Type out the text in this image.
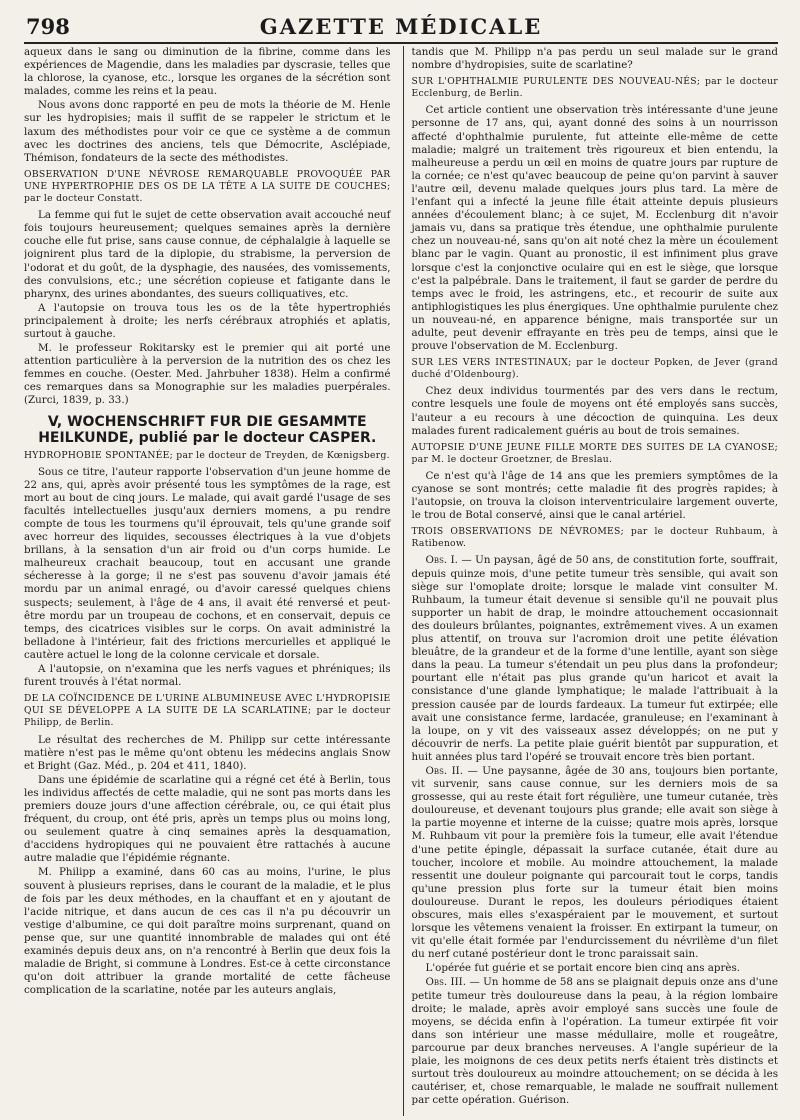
798	GAZETTE MÉDICALE

aqueux dans le sang ou diminution de la fibrine, comme dans les expériences de Magendie, dans les maladies par dyscrasie, telles que la chlorose, la cyanose, etc., lorsque les organes de la sécrétion sont malades, comme les reins et la peau.

Nous avons donc rapporté en peu de mots la théorie de M. Henle sur les hydropisies; mais il suffit de se rappeler le strictum et le laxum des méthodistes pour voir ce que ce système a de commun avec les doctrines des anciens, tels que Démocrite, Asclépiade, Thémison, fondateurs de la secte des méthodistes.

OBSERVATION D'UNE NÉVROSE REMARQUABLE PROVOQUÉE PAR UNE HYPERTROPHIE DES OS DE LA TÊTE A LA SUITE DE COUCHES; par le docteur Constatt.

La femme qui fut le sujet de cette observation avait accouché neuf fois toujours heureusement; quelques semaines après la dernière couche elle fut prise, sans cause connue, de céphalalgie à laquelle se joignirent plus tard de la diplopie, du strabisme, la perversion de l'odorat et du goût, de la dysphagie, des nausées, des vomissements, des convulsions, etc.; une sécrétion copieuse et fatigante dans le pharynx, des urines abondantes, des sueurs colliquatives, etc.

A l'autopsie on trouva tous les os de la tête hypertrophiés principalement à droite; les nerfs cérébraux atrophiés et aplatis, surtout à gauche.

M. le professeur Rokitarsky est le premier qui ait porté une attention particulière à la perversion de la nutrition des os chez les femmes en couche. (Oester. Med. Jahrbuher 1838). Helm a confirmé ces remarques dans sa Monographie sur les maladies puerpérales. (Zurci, 1839, p. 33.)

V, WOCHENSCHRIFT FUR DIE GESAMMTE HEILKUNDE, publié par le docteur CASPER.
HYDROPHOBIE SPONTANÉE; par le docteur de Treyden, de Kœnigsberg.

Sous ce titre, l'auteur rapporte l'observation d'un jeune homme de 22 ans, qui, après avoir présenté tous les symptômes de la rage, est mort au bout de cinq jours. Le malade, qui avait gardé l'usage de ses facultés intellectuelles jusqu'aux derniers momens, a pu rendre compte de tous les tourmens qu'il éprouvait, tels qu'une grande soif avec horreur des liquides, secousses électriques à la vue d'objets brillans, à la sensation d'un air froid ou d'un corps humide. Le malheureux crachait beaucoup, tout en accusant une grande sécheresse à la gorge; il ne s'est pas souvenu d'avoir jamais été mordu par un animal enragé, ou d'avoir caressé quelques chiens suspects; seulement, à l'âge de 4 ans, il avait été renversé et peut-être mordu par un troupeau de cochons, et en conservait, depuis ce temps, des cicatrices visibles sur le corps. On avait administré la belladone à l'intérieur, fait des frictions mercurielles et appliqué le cautère actuel le long de la colonne cervicale et dorsale.

A l'autopsie, on n'examina que les nerfs vagues et phréniques; ils furent trouvés à l'état normal.

DE LA COÏNCIDENCE DE L'URINE ALBUMINEUSE AVEC L'HYDROPISIE QUI SE DÉVELOPPE A LA SUITE DE LA SCARLATINE; par le docteur Philipp, de Berlin.

Le résultat des recherches de M. Philipp sur cette intéressante matière n'est pas le même qu'ont obtenu les médecins anglais Snow et Bright (Gaz. Méd., p. 204 et 411, 1840).

Dans une épidémie de scarlatine qui a régné cet été à Berlin, tous les individus affectés de cette maladie, qui ne sont pas morts dans les premiers douze jours d'une affection cérébrale, ou, ce qui était plus fréquent, du croup, ont été pris, après un temps plus ou moins long, ou seulement quatre à cinq semaines après la desquamation, d'accidens hydropiques qui ne pouvaient être rattachés à aucune autre maladie que l'épidémie régnante.

M. Philipp a examiné, dans 60 cas au moins, l'urine, le plus souvent à plusieurs reprises, dans le courant de la maladie, et le plus de fois par les deux méthodes, en la chauffant et en y ajoutant de l'acide nitrique, et dans aucun de ces cas il n'a pu découvrir un vestige d'albumine, ce qui doit paraître moins surprenant, quand on pense que, sur une quantité innombrable de malades qui ont été examinés depuis deux ans, on n'a rencontré à Berlin que deux fois la maladie de Bright, si commune à Londres. Est-ce à cette circonstance qu'on doit attribuer la grande mortalité de cette fâcheuse complication de la scarlatine, notée par les auteurs anglais,

tandis que M. Philipp n'a pas perdu un seul malade sur le grand nombre d'hydropisies, suite de scarlatine?

SUR L'OPHTHALMIE PURULENTE DES NOUVEAU-NÉS; par le docteur Ecclenburg, de Berlin.

Cet article contient une observation très intéressante d'une jeune personne de 17 ans, qui, ayant donné des soins à un nourrisson affecté d'ophthalmie purulente, fut atteinte elle-même de cette maladie; malgré un traitement très rigoureux et bien entendu, la malheureuse a perdu un œil en moins de quatre jours par rupture de la cornée; ce n'est qu'avec beaucoup de peine qu'on parvint à sauver l'autre œil, devenu malade quelques jours plus tard. La mère de l'enfant qui a infecté la jeune fille était atteinte depuis plusieurs années d'écoulement blanc; à ce sujet, M. Ecclenburg dit n'avoir jamais vu, dans sa pratique très étendue, une ophthalmie purulente chez un nouveau-né, sans qu'on ait noté chez la mère un écoulement blanc par le vagin. Quant au pronostic, il est infiniment plus grave lorsque c'est la conjonctive oculaire qui en est le siège, que lorsque c'est la palpébrale. Dans le traitement, il faut se garder de perdre du temps avec le froid, les astringens, etc., et recourir de suite aux antiphlogistiques les plus énergiques. Une ophthalmie purulente chez un nouveau-né, en apparence bénigne, mais transportée sur un adulte, peut devenir effrayante en très peu de temps, ainsi que le prouve l'observation de M. Ecclenburg.

SUR LES VERS INTESTINAUX; par le docteur Popken, de Jever (grand duché d'Oldenbourg).

Chez deux individus tourmentés par des vers dans le rectum, contre lesquels une foule de moyens ont été employés sans succès, l'auteur a eu recours à une décoction de quinquina. Les deux malades furent radicalement guéris au bout de trois semaines.

AUTOPSIE D'UNE JEUNE FILLE MORTE DES SUITES DE LA CYANOSE; par M. le docteur Groetzner, de Breslau.

Ce n'est qu'à l'âge de 14 ans que les premiers symptômes de la cyanose se sont montrés; cette maladie fit des progrès rapides; à l'autopsie, on trouva la cloison interventriculaire largement ouverte, le trou de Botal conservé, ainsi que le canal artériel.

TROIS OBSERVATIONS DE NÉVROMES; par le docteur Ruhbaum, à Ratibenow.

Obs. I. — Un paysan, âgé de 50 ans, de constitution forte, souffrait, depuis quinze mois, d'une petite tumeur très sensible, qui avait son siège sur l'omoplate droite; lorsque le malade vint consulter M. Ruhbaum, la tumeur était devenue si sensible qu'il ne pouvait plus supporter un habit de drap, le moindre attouchement occasionnait des douleurs brûlantes, poignantes, extrêmement vives. A un examen plus attentif, on trouva sur l'acromion droit une petite élévation bleuâtre, de la grandeur et de la forme d'une lentille, ayant son siège dans la peau. La tumeur s'étendait un peu plus dans la profondeur; pourtant elle n'était pas plus grande qu'un haricot et avait la consistance d'une glande lymphatique; le malade l'attribuait à la pression causée par de lourds fardeaux. La tumeur fut extirpée; elle avait une consistance ferme, lardacée, granuleuse; en l'examinant à la loupe, on y vit des vaisseaux assez développés; on ne put y découvrir de nerfs. La petite plaie guérit bientôt par suppuration, et huit années plus tard l'opéré se trouvait encore très bien portant.

Obs. II. — Une paysanne, âgée de 30 ans, toujours bien portante, vit survenir, sans cause connue, sur les derniers mois de sa grossesse, qui au reste était fort régulière, une tumeur cutanée, très douloureuse, et devenant toujours plus grande; elle avait son siège à la partie moyenne et interne de la cuisse; quatre mois après, lorsque M. Ruhbaum vit pour la première fois la tumeur, elle avait l'étendue d'une petite épingle, dépassait la surface cutanée, était dure au toucher, incolore et mobile. Au moindre attouchement, la malade ressentit une douleur poignante qui parcourait tout le corps, tandis qu'une pression plus forte sur la tumeur était bien moins douloureuse. Durant le repos, les douleurs périodiques étaient obscures, mais elles s'exaspéraient par le mouvement, et surtout lorsque les vêtemens venaient la froisser. En extirpant la tumeur, on vit qu'elle était formée par l'endurcissement du névrilème d'un filet du nerf cutané postérieur dont le tronc paraissait sain.

L'opérée fut guérie et se portait encore bien cinq ans après.

Obs. III. — Un homme de 58 ans se plaignait depuis onze ans d'une petite tumeur très douloureuse dans la peau, à la région lombaire droite; le malade, après avoir employé sans succès une foule de moyens, se décida enfin à l'opération. La tumeur extirpée fit voir dans son intérieur une masse médullaire, molle et rougeâtre, parcourue par deux branches nerveuses. A l'angle supérieur de la plaie, les moignons de ces deux petits nerfs étaient très distincts et surtout très douloureux au moindre attouchement; on se décida à les cautériser, et, chose remarquable, le malade ne souffrait nullement par cette opération. Guérison.
